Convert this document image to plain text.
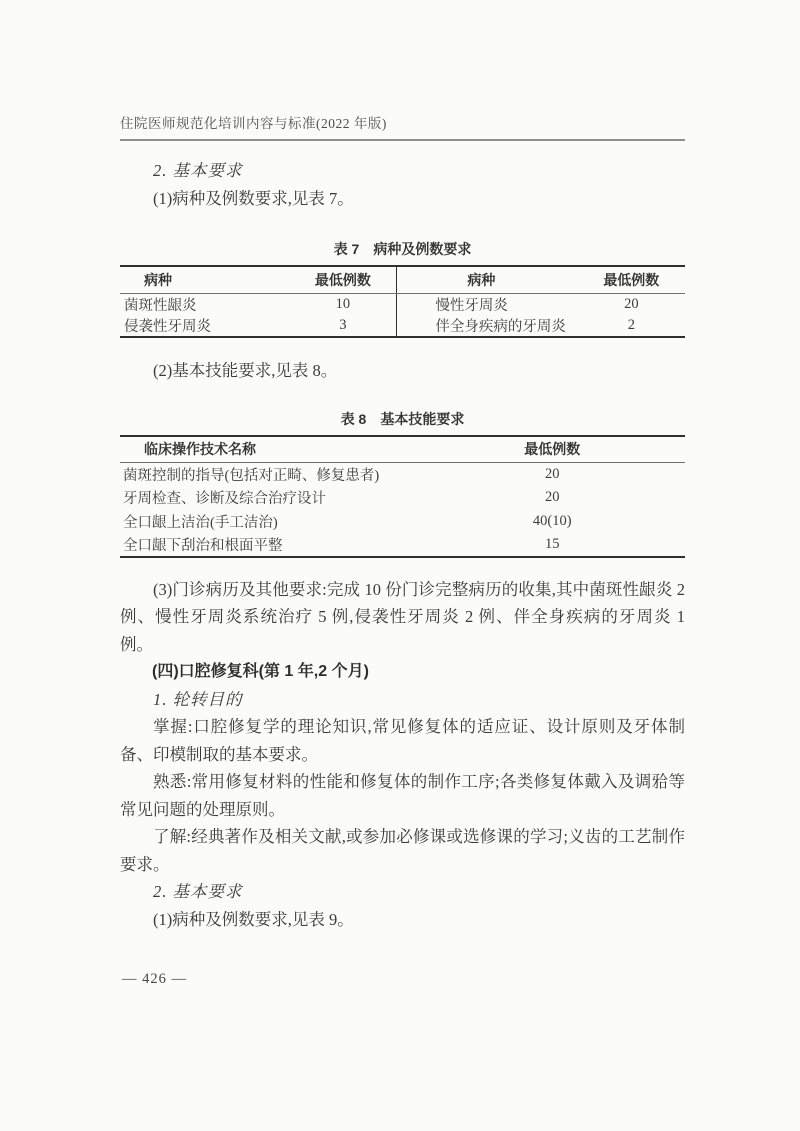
住院医师规范化培训内容与标准(2022 年版)

2. 基本要求

(1)病种及例数要求,见表 7。

表 7　病种及例数要求
病种	最低例数	病种	最低例数
菌斑性龈炎	10	慢性牙周炎	20
侵袭性牙周炎	3	伴全身疾病的牙周炎	2

(2)基本技能要求,见表 8。

表 8　基本技能要求
临床操作技术名称	最低例数
菌斑控制的指导(包括对正畸、修复患者)	20
牙周检查、诊断及综合治疗设计	20
全口龈上洁治(手工洁治)	40(10)
全口龈下刮治和根面平整	15

(3)门诊病历及其他要求:完成 10 份门诊完整病历的收集,其中菌斑性龈炎 2 例、慢性牙周炎系统治疗 5 例,侵袭性牙周炎 2 例、伴全身疾病的牙周炎 1 例。

(四)口腔修复科(第 1 年,2 个月)

1. 轮转目的

掌握:口腔修复学的理论知识,常见修复体的适应证、设计原则及牙体制备、印模制取的基本要求。

熟悉:常用修复材料的性能和修复体的制作工序;各类修复体戴入及调𬌗等常见问题的处理原则。

了解:经典著作及相关文献,或参加必修课或选修课的学习;义齿的工艺制作要求。

2. 基本要求

(1)病种及例数要求,见表 9。

— 426 —
